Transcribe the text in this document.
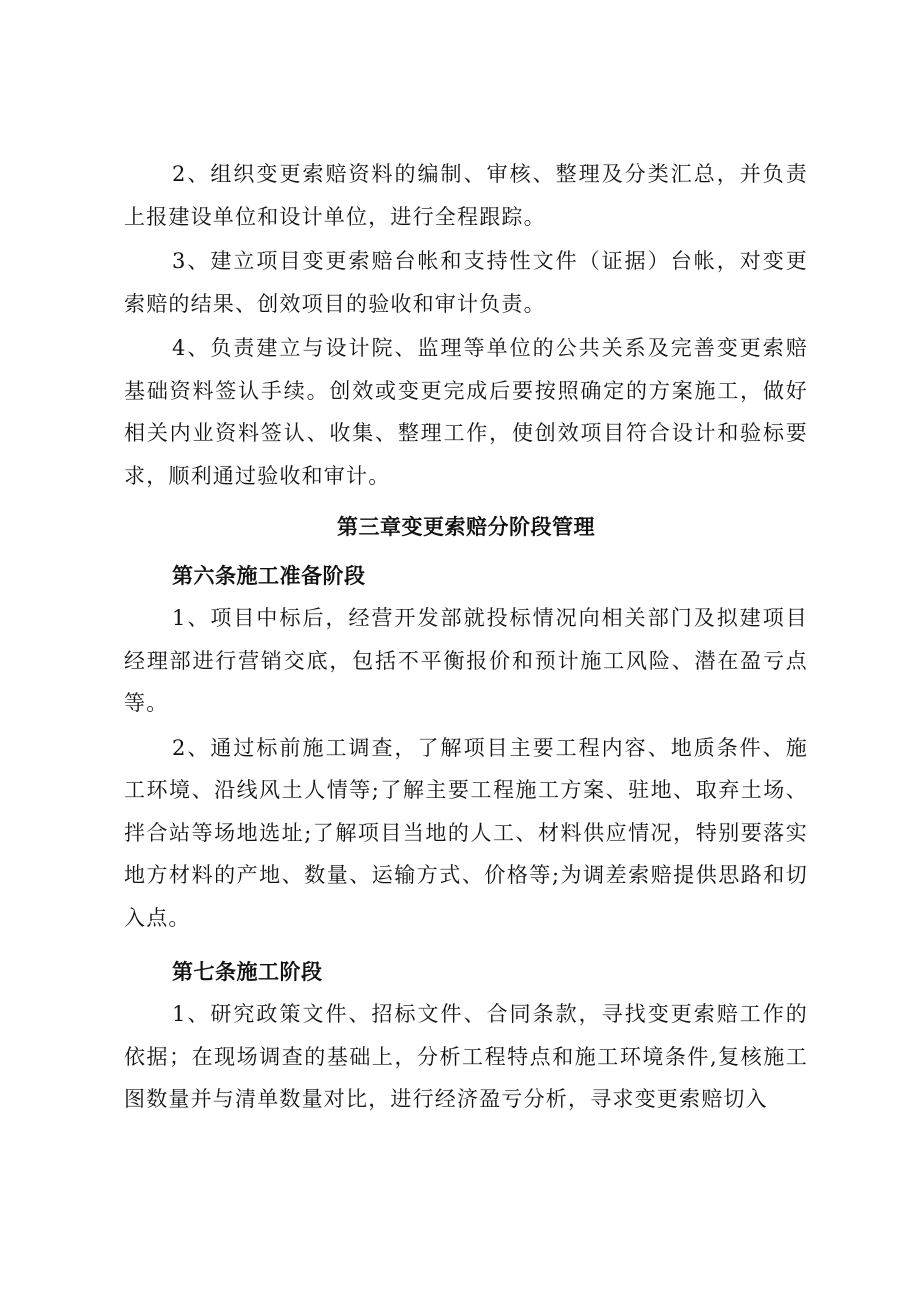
2、组织变更索赔资料的编制、审核、整理及分类汇总，并负责上报建设单位和设计单位，进行全程跟踪。

3、建立项目变更索赔台帐和支持性文件（证据）台帐，对变更索赔的结果、创效项目的验收和审计负责。

4、负责建立与设计院、监理等单位的公共关系及完善变更索赔基础资料签认手续。创效或变更完成后要按照确定的方案施工，做好相关内业资料签认、收集、整理工作，使创效项目符合设计和验标要求，顺利通过验收和审计。

第三章变更索赔分阶段管理
第六条施工准备阶段

1、项目中标后，经营开发部就投标情况向相关部门及拟建项目经理部进行营销交底，包括不平衡报价和预计施工风险、潜在盈亏点等。

2、通过标前施工调查，了解项目主要工程内容、地质条件、施工环境、沿线风土人情等;了解主要工程施工方案、驻地、取弃土场、拌合站等场地选址;了解项目当地的人工、材料供应情况，特别要落实地方材料的产地、数量、运输方式、价格等;为调差索赔提供思路和切入点。

第七条施工阶段

1、研究政策文件、招标文件、合同条款，寻找变更索赔工作的依据；在现场调查的基础上，分析工程特点和施工环境条件,复核施工图数量并与清单数量对比，进行经济盈亏分析，寻求变更索赔切入
